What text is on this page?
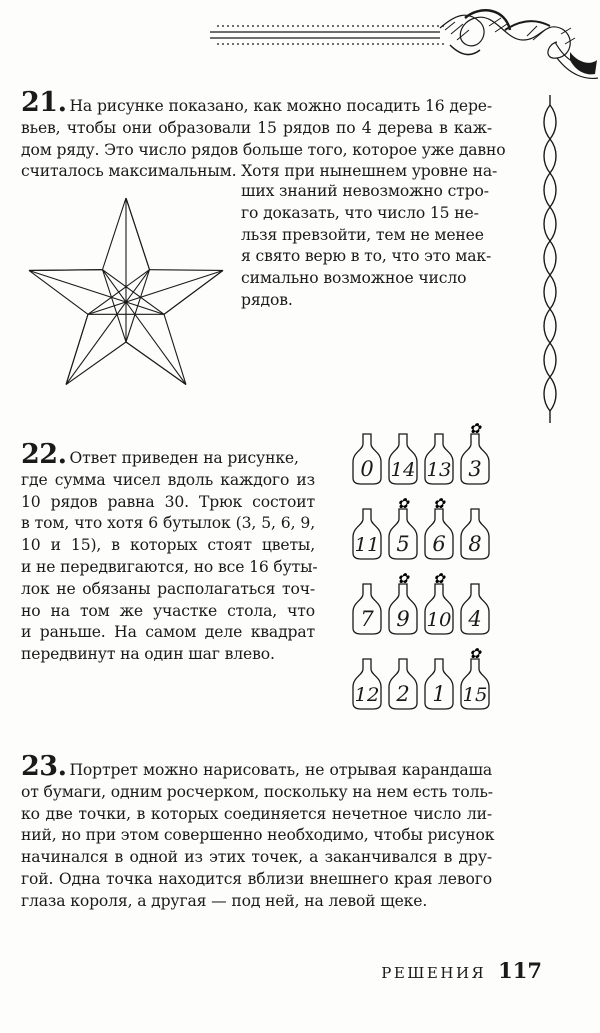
21. На рисунке показано, как можно посадить 16 дере-
вьев, чтобы они образовали 15 рядов по 4 дерева в каж-
дом ряду. Это число рядов больше того, которое уже давно
считалось максимальным. Хотя при нынешнем уровне на-
ших знаний невозможно стро-
го доказать, что число 15 не-
льзя превзойти, тем не менее
я свято верю в то, что это мак-
симально возможное число
рядов.
22. Ответ приведен на рисунке,
где сумма чисел вдоль каждого из
10 рядов равна 30. Трюк состоит
в том, что хотя 6 бутылок (3, 5, 6, 9,
10 и 15), в которых стоят цветы,
и не передвигаются, но все 16 буты-
лок не обязаны располагаться точ-
но на том же участке стола, что
и раньше. На самом деле квадрат
передвинут на один шаг влево.
0 14 13
✿
3
11
✿
5
✿
6 8
7
✿
9
✿
10 4
12 2 1
✿
15
23. Портрет можно нарисовать, не отрывая карандаша
от бумаги, одним росчерком, поскольку на нем есть толь-
ко две точки, в которых соединяется нечетное число ли-
ний, но при этом совершенно необходимо, чтобы рисунок
начинался в одной из этих точек, а заканчивался в дру-
гой. Одна точка находится вблизи внешнего края левого
глаза короля, а другая — под ней, на левой щеке.
РЕШЕНИЯ 117
